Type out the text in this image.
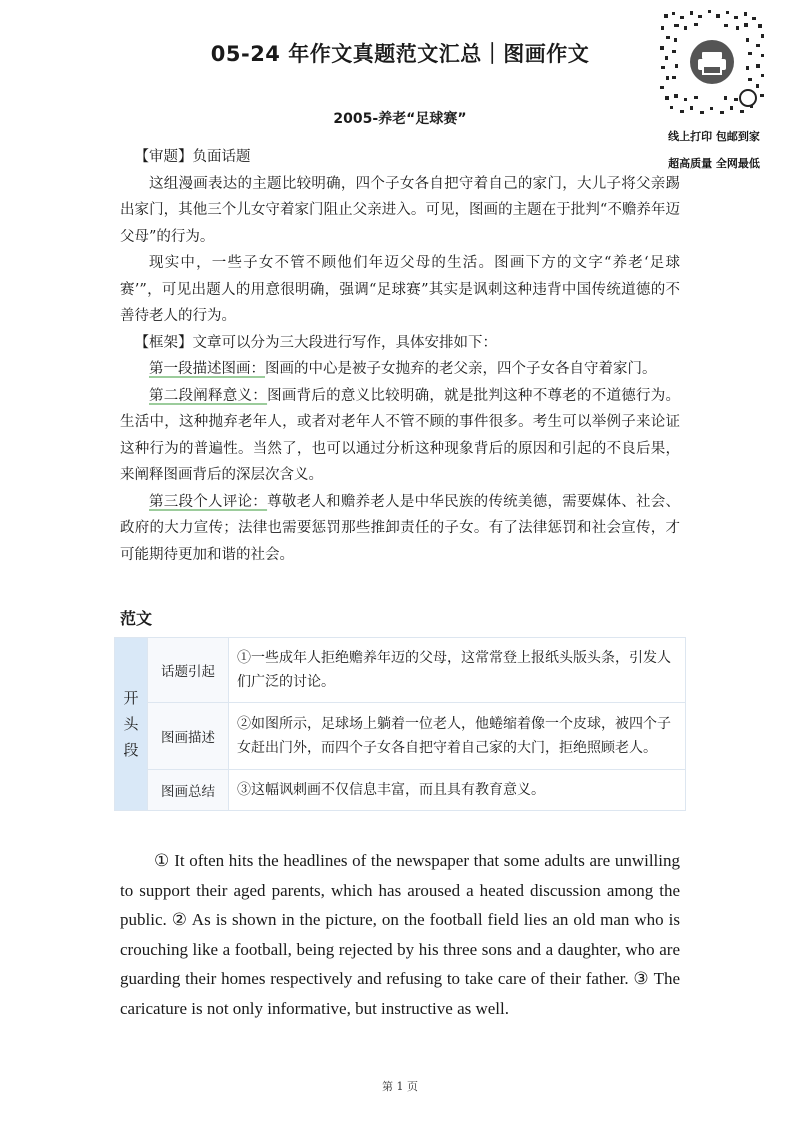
05-24 年作文真题范文汇总｜图画作文
线上打印 包邮到家
超高质量 全网最低
2005-养老“足球赛”

【审题】负面话题

这组漫画表达的主题比较明确，四个子女各自把守着自己的家门，大儿子将父亲踢出家门，其他三个儿女守着家门阻止父亲进入。可见，图画的主题在于批判“不赡养年迈父母”的行为。

现实中，一些子女不管不顾他们年迈父母的生活。图画下方的文字“养老‘足球赛’”，可见出题人的用意很明确，强调“足球赛”其实是讽刺这种违背中国传统道德的不善待老人的行为。

【框架】文章可以分为三大段进行写作，具体安排如下：

第一段描述图画：图画的中心是被子女抛弃的老父亲，四个子女各自守着家门。

第二段阐释意义：图画背后的意义比较明确，就是批判这种不尊老的不道德行为。生活中，这种抛弃老年人，或者对老年人不管不顾的事件很多。考生可以举例子来论证这种行为的普遍性。当然了，也可以通过分析这种现象背后的原因和引起的不良后果，来阐释图画背后的深层次含义。

第三段个人评论：尊敬老人和赡养老人是中华民族的传统美德，需要媒体、社会、政府的大力宣传；法律也需要惩罚那些推卸责任的子女。有了法律惩罚和社会宣传，才可能期待更加和谐的社会。

范文
开
头
段	话题引起	①一些成年人拒绝赡养年迈的父母，这常常登上报纸头版头条，引发人们广泛的讨论。
	图画描述	②如图所示，足球场上躺着一位老人，他蜷缩着像一个皮球，被四个子女赶出门外，而四个子女各自把守着自己家的大门，拒绝照顾老人。
	图画总结	③这幅讽刺画不仅信息丰富，而且具有教育意义。

① It often hits the headlines of the newspaper that some adults are unwilling to support their aged parents, which has aroused a heated discussion among the public. ② As is shown in the picture, on the football field lies an old man who is crouching like a football, being rejected by his three sons and a daughter, who are guarding their homes respectively and refusing to take care of their father. ③ The caricature is not only informative, but instructive as well.

第 1 页
